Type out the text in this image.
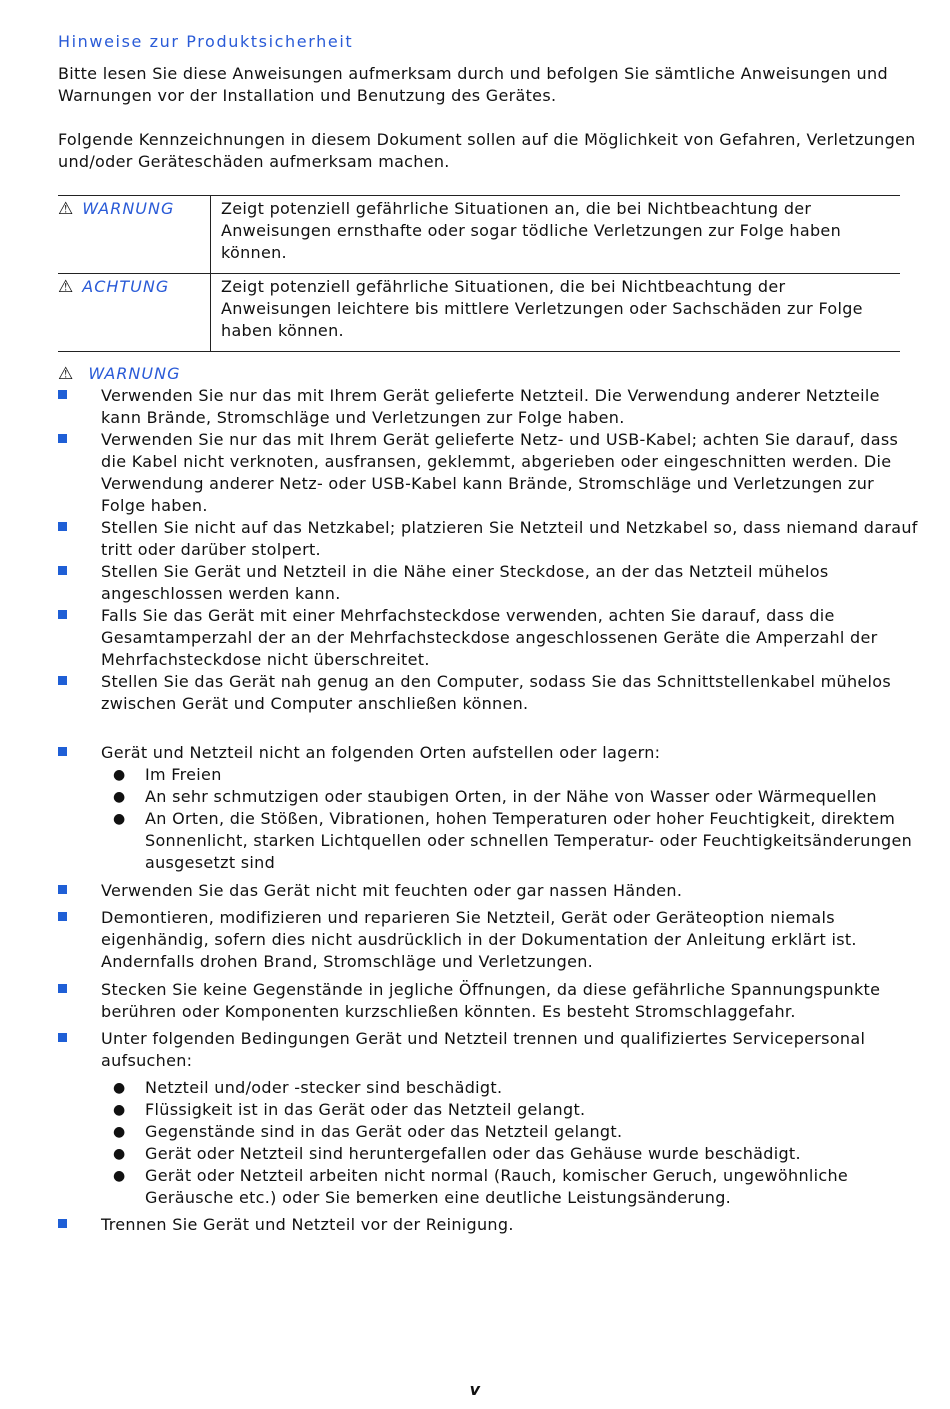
Hinweise zur Produktsicherheit
Bitte lesen Sie diese Anweisungen aufmerksam durch und befolgen Sie sämtliche Anweisungen und Warnungen vor der Installation und Benutzung des Gerätes.
Folgende Kennzeichnungen in diesem Dokument sollen auf die Möglichkeit von Gefahren, Verletzungen und/oder Geräteschäden aufmerksam machen.
⚠ WARNUNG	Zeigt potenziell gefährliche Situationen an, die bei Nichtbeachtung der Anweisungen ernsthafte oder sogar tödliche Verletzungen zur Folge haben können.
⚠ ACHTUNG	Zeigt potenziell gefährliche Situationen, die bei Nichtbeachtung der Anweisungen leichtere bis mittlere Verletzungen oder Sachschäden zur Folge haben können.
⚠ WARNUNG
Verwenden Sie nur das mit Ihrem Gerät gelieferte Netzteil. Die Verwendung anderer Netzteile kann Brände, Stromschläge und Verletzungen zur Folge haben.
Verwenden Sie nur das mit Ihrem Gerät gelieferte Netz- und USB-Kabel; achten Sie darauf, dass die Kabel nicht verknoten, ausfransen, geklemmt, abgerieben oder eingeschnitten werden. Die Verwendung anderer Netz- oder USB-Kabel kann Brände, Stromschläge und Verletzungen zur Folge haben.
Stellen Sie nicht auf das Netzkabel; platzieren Sie Netzteil und Netzkabel so, dass niemand darauf tritt oder darüber stolpert.
Stellen Sie Gerät und Netzteil in die Nähe einer Steckdose, an der das Netzteil mühelos angeschlossen werden kann.
Falls Sie das Gerät mit einer Mehrfachsteckdose verwenden, achten Sie darauf, dass die Gesamtamperzahl der an der Mehrfachsteckdose angeschlossenen Geräte die Amperzahl der Mehrfachsteckdose nicht überschreitet.
Stellen Sie das Gerät nah genug an den Computer, sodass Sie das Schnittstellenkabel mühelos zwischen Gerät und Computer anschließen können.
Gerät und Netzteil nicht an folgenden Orten aufstellen oder lagern:
● Im Freien
● An sehr schmutzigen oder staubigen Orten, in der Nähe von Wasser oder Wärmequellen
● An Orten, die Stößen, Vibrationen, hohen Temperaturen oder hoher Feuchtigkeit, direktem Sonnenlicht, starken Lichtquellen oder schnellen Temperatur- oder Feuchtigkeitsänderungen ausgesetzt sind
Verwenden Sie das Gerät nicht mit feuchten oder gar nassen Händen.
Demontieren, modifizieren und reparieren Sie Netzteil, Gerät oder Geräteoption niemals eigenhändig, sofern dies nicht ausdrücklich in der Dokumentation der Anleitung erklärt ist. Andernfalls drohen Brand, Stromschläge und Verletzungen.
Stecken Sie keine Gegenstände in jegliche Öffnungen, da diese gefährliche Spannungspunkte berühren oder Komponenten kurzschließen könnten. Es besteht Stromschlaggefahr.
Unter folgenden Bedingungen Gerät und Netzteil trennen und qualifiziertes Servicepersonal aufsuchen:
● Netzteil und/oder -stecker sind beschädigt.
● Flüssigkeit ist in das Gerät oder das Netzteil gelangt.
● Gegenstände sind in das Gerät oder das Netzteil gelangt.
● Gerät oder Netzteil sind heruntergefallen oder das Gehäuse wurde beschädigt.
● Gerät oder Netzteil arbeiten nicht normal (Rauch, komischer Geruch, ungewöhnliche Geräusche etc.) oder Sie bemerken eine deutliche Leistungsänderung.
Trennen Sie Gerät und Netzteil vor der Reinigung.
v
